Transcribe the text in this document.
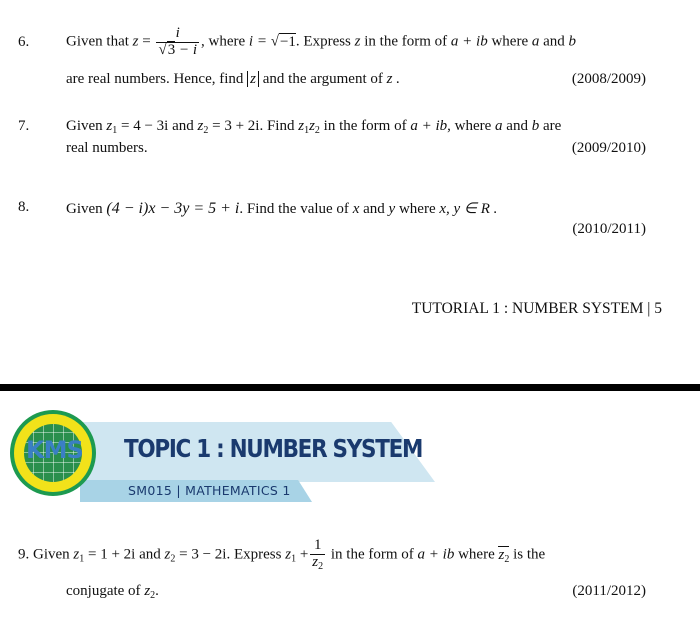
6. Given that $z = \frac{i}{√3 - i}$ , where i = √−1. Express z in the form of a + ib where a and b
are real numbers. Hence, find z and the argument of z .	(2008/2009)
7. Given $z_1 = 4 - 3i$ and $z_2 = 3 + 2i$. Find $z_1z_2$ in the form of a + ib, where a and b are
real numbers.	(2009/2010)
8. Given (4 − i)x − 3y = 5 + i. Find the value of x and y where x, y ∈ R .
(2010/2011)
TUTORIAL 1 : NUMBER SYSTEM | 5
KMS TOPIC 1 : NUMBER SYSTEM
SM015 | MATHEMATICS 1
9. Given $z_1 = 1 + 2i$ and $z_2 = 3 - 2i$. Express $z_1 + \frac{1}{z_2}$ in the form of a + ib where $z_2$ is the
conjugate of $z_2$.	(2011/2012)
